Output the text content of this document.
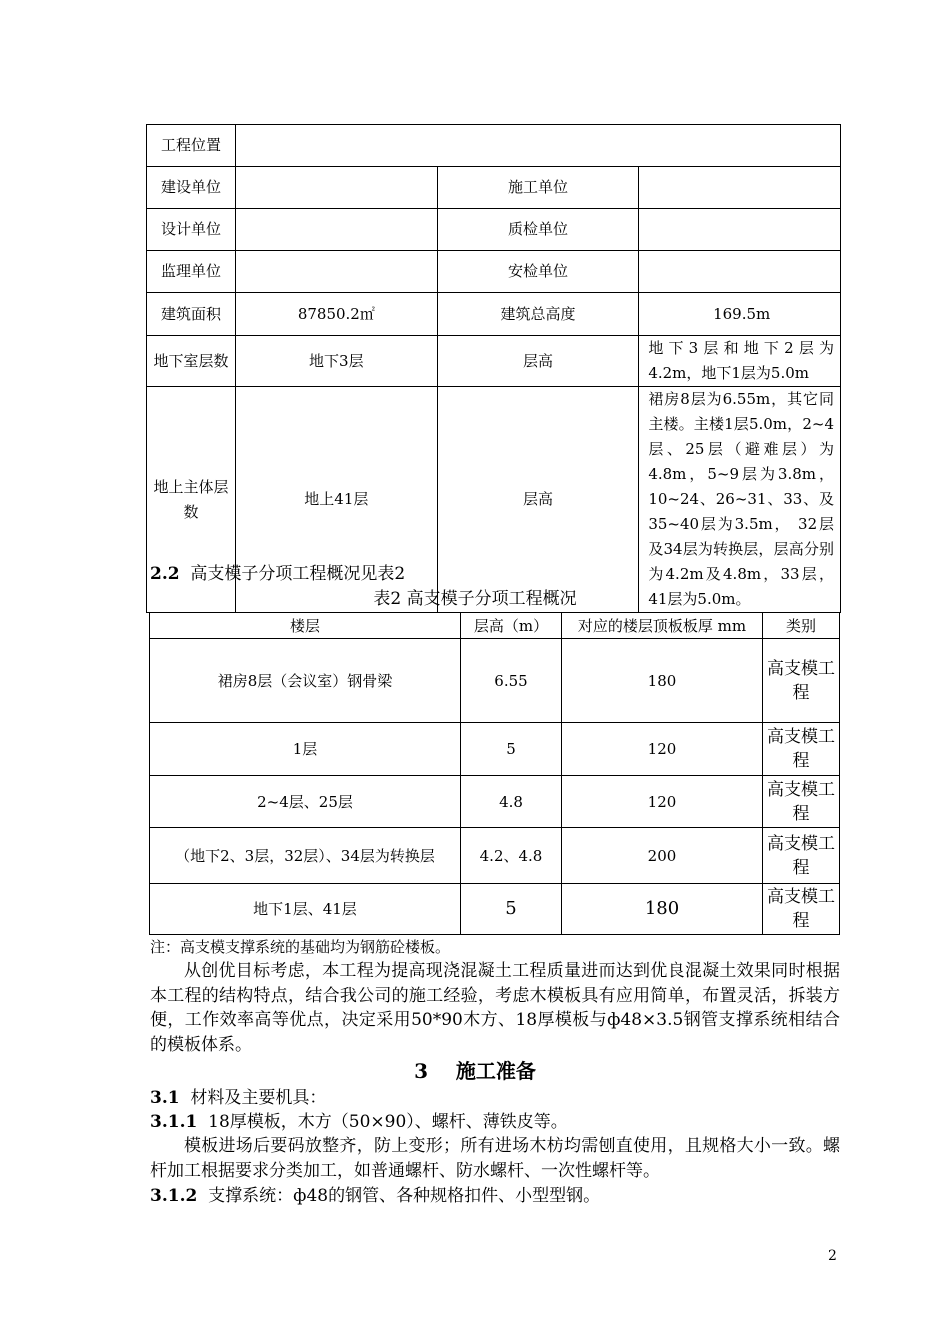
工程位置			
建设单位		施工单位	
设计单位		质检单位	
监理单位		安检单位	
建筑面积	87850.2㎡	建筑总高度	169.5m
地下室层数	地下3层	层高	地下3层和地下2层为4.2m，地下1层为5.0m
地上主体层数	地上41层	层高	裙房8层为6.55m，其它同主楼。主楼1层5.0m，2~4层、25层（避难层）为4.8m，5~9层为3.8m，10~24、26~31、33、及35~40层为3.5m， 32层及34层为转换层，层高分别为4.2m及4.8m，33层，41层为5.0m。
2.2 高支模子分项工程概况见表2
表2 高支模子分项工程概况
楼层	层高（m）	对应的楼层顶板板厚 mm	类别
裙房8层（会议室）钢骨梁	6.55	180	高支模工程
1层	5	120	高支模工程
2~4层、25层	4.8	120	高支模工程
（地下2、3层，32层）、34层为转换层	4.2、4.8	200	高支模工程
地下1层、41层	5	180	高支模工程
注：高支模支撑系统的基础均为钢筋砼楼板。
从创优目标考虑，本工程为提高现浇混凝土工程质量进而达到优良混凝土效果同时根据本工程的结构特点，结合我公司的施工经验，考虑木模板具有应用简单，布置灵活，拆装方便，工作效率高等优点，决定采用50*90木方、18厚模板与ф48×3.5钢管支撑系统相结合的模板体系。
3 施工准备
3.1 材料及主要机具：
3.1.1 18厚模板，木方（50×90）、螺杆、薄铁皮等。
模板进场后要码放整齐，防上变形；所有进场木枋均需刨直使用，且规格大小一致。螺杆加工根据要求分类加工，如普通螺杆、防水螺杆、一次性螺杆等。
3.1.2 支撑系统：ф48的钢管、各种规格扣件、小型型钢。
2
